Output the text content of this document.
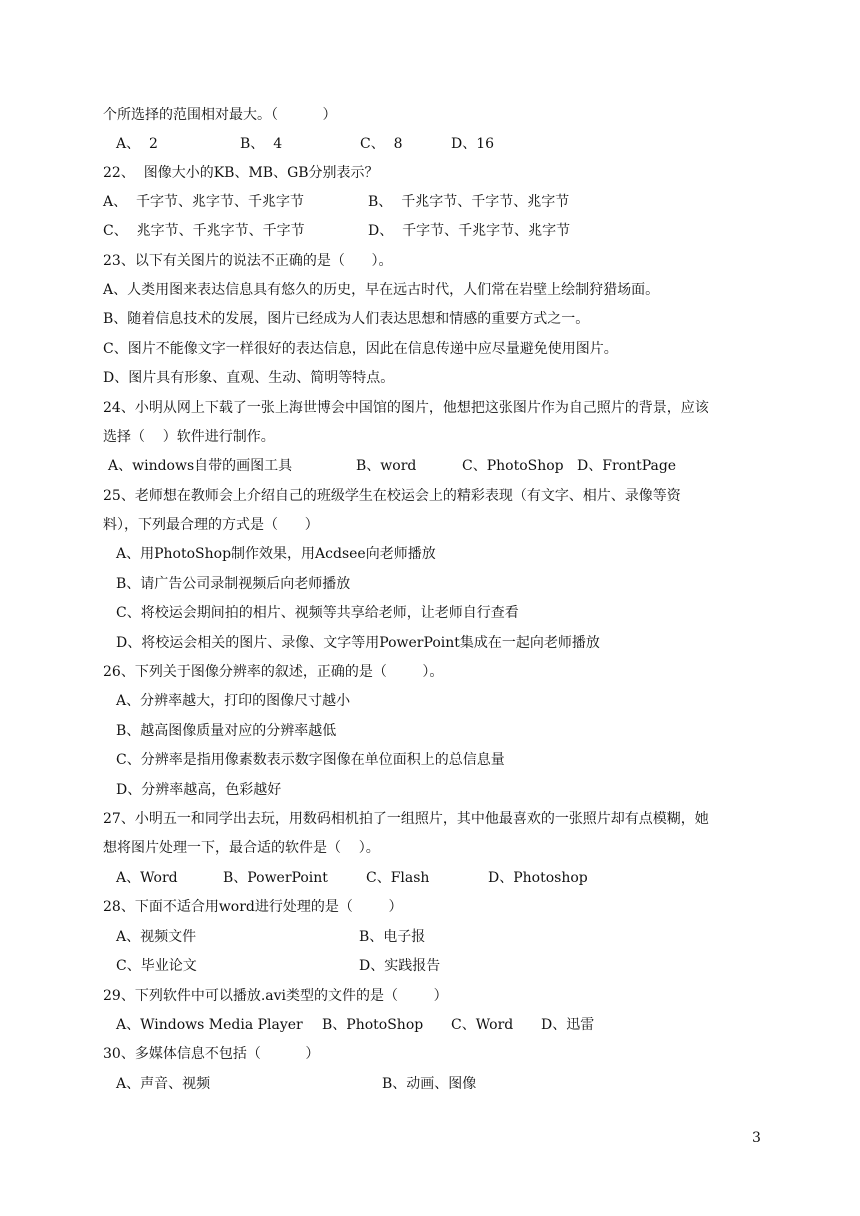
个所选择的范围相对最大。（          ）
A、  2	B、  4	C、  8	D、16
22、  图像大小的KB、MB、GB分别表示？
A、  千字节、兆字节、千兆字节	B、  千兆字节、千字节、兆字节
C、  兆字节、千兆字节、千字节	D、  千字节、千兆字节、兆字节
23、以下有关图片的说法不正确的是（      ）。
A、人类用图来表达信息具有悠久的历史，早在远古时代，人们常在岩壁上绘制狩猎场面。
B、随着信息技术的发展，图片已经成为人们表达思想和情感的重要方式之一。
C、图片不能像文字一样很好的表达信息，因此在信息传递中应尽量避免使用图片。
D、图片具有形象、直观、生动、简明等特点。
24、小明从网上下载了一张上海世博会中国馆的图片，他想把这张图片作为自己照片的背景，应该
选择（    ）软件进行制作。
A、windows自带的画图工具	B、word	C、PhotoShop D、FrontPage
25、老师想在教师会上介绍自己的班级学生在校运会上的精彩表现（有文字、相片、录像等资
料），下列最合理的方式是（      ）
A、用PhotoShop制作效果，用Acdsee向老师播放
B、请广告公司录制视频后向老师播放
C、将校运会期间拍的相片、视频等共享给老师，让老师自行查看
D、将校运会相关的图片、录像、文字等用PowerPoint集成在一起向老师播放
26、下列关于图像分辨率的叙述，正确的是（        ）。
A、分辨率越大，打印的图像尺寸越小
B、越高图像质量对应的分辨率越低
C、分辨率是指用像素数表示数字图像在单位面积上的总信息量
D、分辨率越高，色彩越好
27、小明五一和同学出去玩，用数码相机拍了一组照片，其中他最喜欢的一张照片却有点模糊，她
想将图片处理一下，最合适的软件是（    ）。
A、Word	B、PowerPoint	C、Flash	D、Photoshop
28、下面不适合用word进行处理的是（        ）
A、视频文件	B、电子报
C、毕业论文	D、实践报告
29、下列软件中可以播放.avi类型的文件的是（        ）
A、Windows Media Player B、PhotoShop C、Word D、迅雷
30、多媒体信息不包括（          ）
A、声音、视频	B、动画、图像
3
